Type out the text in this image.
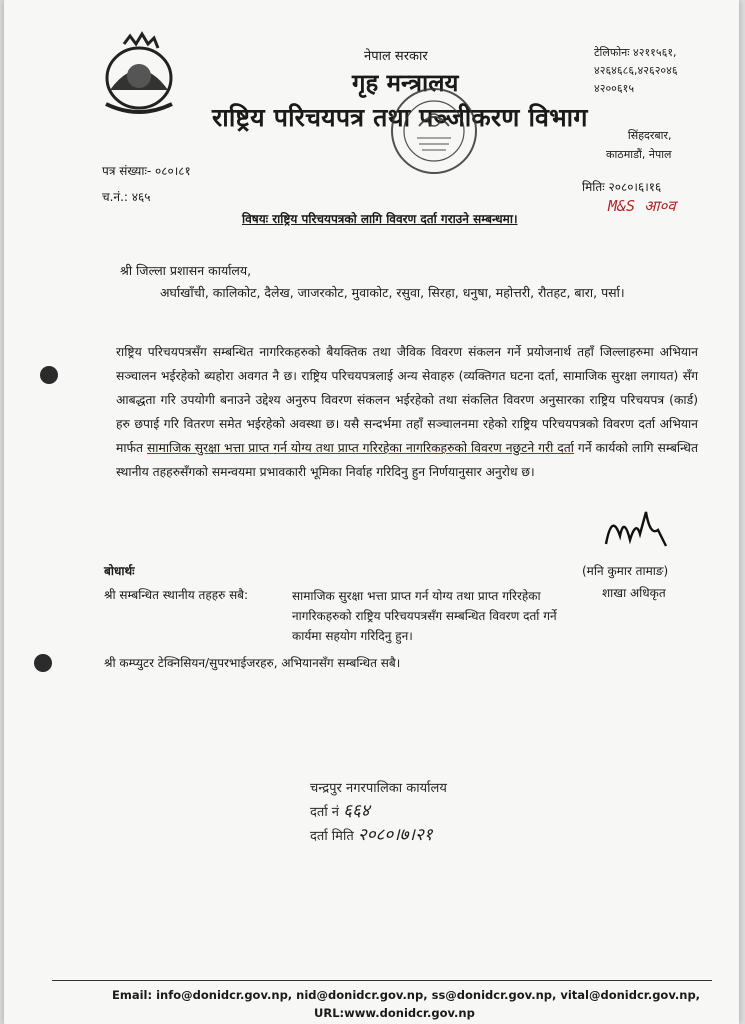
नेपाल सरकार
गृह मन्त्रालय
राष्ट्रिय परिचयपत्र तथा पञ्जीकरण विभाग
टेलिफोनः ४२११५६१,
४२६४६८६,४२६२०४६
४२००६१५
सिंहदरबार,
काठमाडौं, नेपाल
पत्र संख्याः- ०८०।८१
च.नं.: ४६५
मितिः २०८०।६।१६
विषयः राष्ट्रिय परिचयपत्रको लागि विवरण दर्ता गराउने सम्बन्धमा।
M&S आ०व
श्री जिल्ला प्रशासन कार्यालय,
अर्घाखाँची, कालिकोट, दैलेख, जाजरकोट, मुवाकोट, रसुवा, सिरहा, धनुषा, महोत्तरी, रौतहट, बारा, पर्सा।
राष्ट्रिय परिचयपत्रसँग सम्बन्धित नागरिकहरुको बैयक्तिक तथा जैविक विवरण संकलन गर्ने प्रयोजनार्थ तहाँ जिल्लाहरुमा अभियान सञ्चालन भईरहेको ब्यहोरा अवगत नै छ। राष्ट्रिय परिचयपत्रलाई अन्य सेवाहरु (व्यक्तिगत घटना दर्ता, सामाजिक सुरक्षा लगायत) सँग आबद्धता गरि उपयोगी बनाउने उद्देश्य अनुरुप विवरण संकलन भईरहेको तथा संकलित विवरण अनुसारका राष्ट्रिय परिचयपत्र (कार्ड) हरु छपाई गरि वितरण समेत भईरहेको अवस्था छ। यसै सन्दर्भमा तहाँ सञ्चालनमा रहेको राष्ट्रिय परिचयपत्रको विवरण दर्ता अभियान मार्फत सामाजिक सुरक्षा भत्ता प्राप्त गर्न योग्य तथा प्राप्त गरिरहेका नागरिकहरुको विवरण नछुटने गरी दर्ता गर्ने कार्यको लागि सम्बन्धित स्थानीय तहहरुसँगको समन्वयमा प्रभावकारी भूमिका निर्वाह गरिदिनु हुन निर्णयानुसार अनुरोध छ।
(मनि कुमार तामाङ)
शाखा अधिकृत
बोधार्थः
श्री सम्बन्धित स्थानीय तहहरु सबै:	सामाजिक सुरक्षा भत्ता प्राप्त गर्न योग्य तथा प्राप्त गरिरहेका नागरिकहरुको राष्ट्रिय परिचयपत्रसँग सम्बन्धित विवरण दर्ता गर्ने कार्यमा सहयोग गरिदिनु हुन।
श्री कम्प्युटर टेक्निसियन/सुपरभाईजरहरु, अभियानसँग सम्बन्धित सबै।
चन्द्रपुर नगरपालिका कार्यालय
दर्ता नं ६६४
दर्ता मिति २०८०।७।२१
Email: info@donidcr.gov.np, nid@donidcr.gov.np, ss@donidcr.gov.np, vital@donidcr.gov.np,
URL:www.donidcr.gov.np
